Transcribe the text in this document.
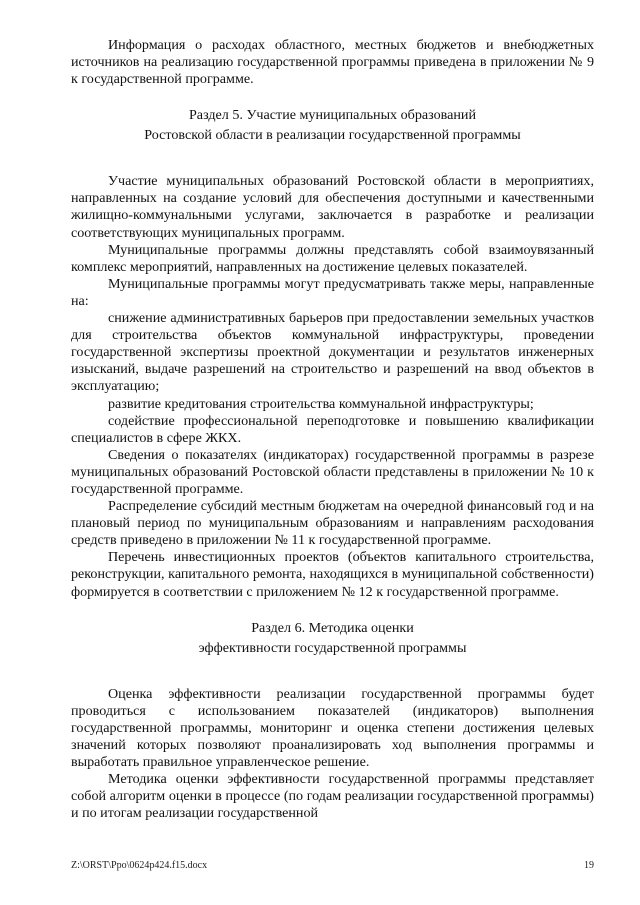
Информация о расходах областного, местных бюджетов и внебюджетных источников на реализацию государственной программы приведена в приложении № 9 к государственной программе.

Раздел 5. Участие муниципальных образований
Ростовской области в реализации государственной программы

Участие муниципальных образований Ростовской области в мероприятиях, направленных на создание условий для обеспечения доступными и качественными жилищно-коммунальными услугами, заключается в разработке и реализации соответствующих муниципальных программ.

Муниципальные программы должны представлять собой взаимоувязанный комплекс мероприятий, направленных на достижение целевых показателей.

Муниципальные программы могут предусматривать также меры, направленные на:

снижение административных барьеров при предоставлении земельных участков для строительства объектов коммунальной инфраструктуры, проведении государственной экспертизы проектной документации и результатов инженерных изысканий, выдаче разрешений на строительство и разрешений на ввод объектов в эксплуатацию;

развитие кредитования строительства коммунальной инфраструктуры;

содействие профессиональной переподготовке и повышению квалификации специалистов в сфере ЖКХ.

Сведения о показателях (индикаторах) государственной программы в разрезе муниципальных образований Ростовской области представлены в приложении № 10 к государственной программе.

Распределение субсидий местным бюджетам на очередной финансовый год и на плановый период по муниципальным образованиям и направлениям расходования средств приведено в приложении № 11 к государственной программе.

Перечень инвестиционных проектов (объектов капитального строительства, реконструкции, капитального ремонта, находящихся в муниципальной собственности) формируется в соответствии с приложением № 12 к государственной программе.

Раздел 6. Методика оценки
эффективности государственной программы

Оценка эффективности реализации государственной программы будет проводиться с использованием показателей (индикаторов) выполнения государственной программы, мониторинг и оценка степени достижения целевых значений которых позволяют проанализировать ход выполнения программы и выработать правильное управленческое решение.

Методика оценки эффективности государственной программы представляет собой алгоритм оценки в процессе (по годам реализации государственной программы) и по итогам реализации государственной

Z:\ORST\Ppo\0624p424.f15.docx	19
